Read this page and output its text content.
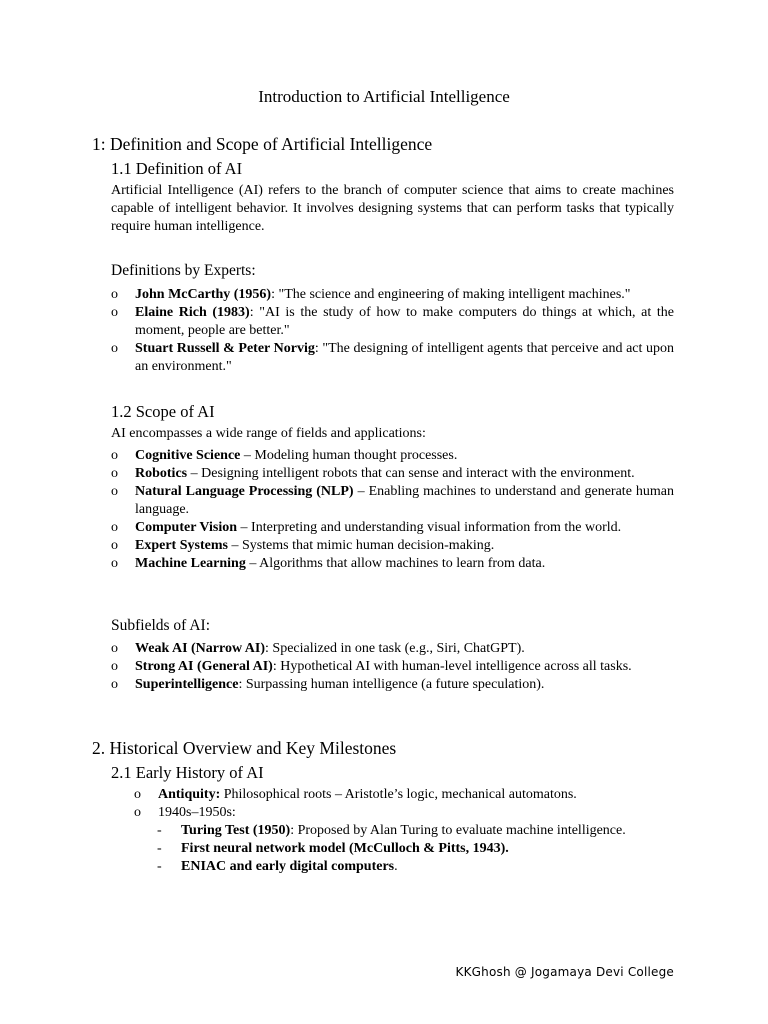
Introduction to Artificial Intelligence
1: Definition and Scope of Artificial Intelligence
1.1 Definition of AI
Artificial Intelligence (AI) refers to the branch of computer science that aims to create machines capable of intelligent behavior. It involves designing systems that can perform tasks that typically require human intelligence.
Definitions by Experts:
o John McCarthy (1956): "The science and engineering of making intelligent machines."
o Elaine Rich (1983): "AI is the study of how to make computers do things at which, at the moment, people are better."
o Stuart Russell & Peter Norvig: "The designing of intelligent agents that perceive and act upon an environment."
1.2 Scope of AI
AI encompasses a wide range of fields and applications:
o Cognitive Science – Modeling human thought processes.
o Robotics – Designing intelligent robots that can sense and interact with the environment.
o Natural Language Processing (NLP) – Enabling machines to understand and generate human language.
o Computer Vision – Interpreting and understanding visual information from the world.
o Expert Systems – Systems that mimic human decision-making.
o Machine Learning – Algorithms that allow machines to learn from data.
Subfields of AI:
o Weak AI (Narrow AI): Specialized in one task (e.g., Siri, ChatGPT).
o Strong AI (General AI): Hypothetical AI with human-level intelligence across all tasks.
o Superintelligence: Surpassing human intelligence (a future speculation).
2. Historical Overview and Key Milestones
2.1 Early History of AI
o Antiquity: Philosophical roots – Aristotle’s logic, mechanical automatons.
o 1940s–1950s:
- Turing Test (1950): Proposed by Alan Turing to evaluate machine intelligence.
- First neural network model (McCulloch & Pitts, 1943).
- ENIAC and early digital computers.
KKGhosh @ Jogamaya Devi College
